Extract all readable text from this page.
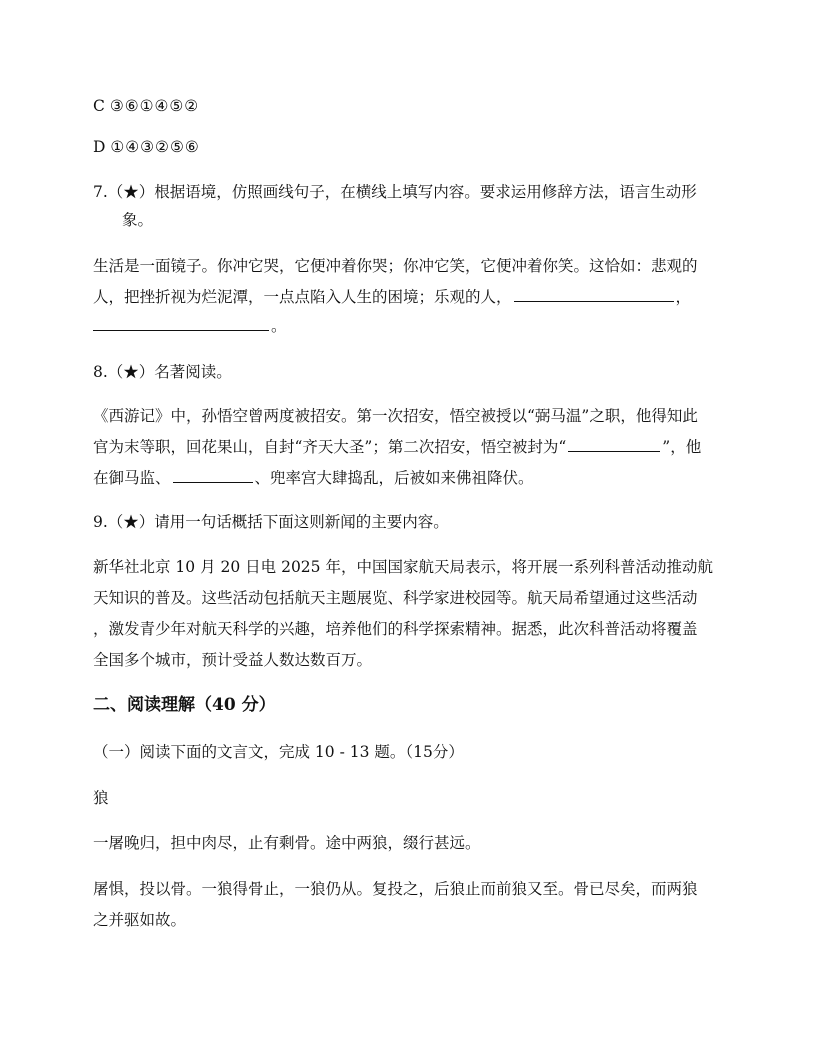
C ③⑥①④⑤②
D ①④③②⑤⑥
7.（★）根据语境，仿照画线句子，在横线上填写内容。要求运用修辞方法，语言生动形
象。
生活是一面镜子。你冲它哭，它便冲着你哭；你冲它笑，它便冲着你笑。这恰如：悲观的
人，把挫折视为烂泥潭，一点点陷入人生的困境；乐观的人，	，
。
8.（★）名著阅读。
《西游记》中，孙悟空曾两度被招安。第一次招安，悟空被授以“弼马温”之职，他得知此
官为末等职，回花果山，自封“齐天大圣”；第二次招安，悟空被封为“	”，他
在御马监、	、兜率宫大肆捣乱，后被如来佛祖降伏。
9.（★）请用一句话概括下面这则新闻的主要内容。
新华社北京 10 月 20 日电 2025 年，中国国家航天局表示，将开展一系列科普活动推动航
天知识的普及。这些活动包括航天主题展览、科学家进校园等。航天局希望通过这些活动
，激发青少年对航天科学的兴趣，培养他们的科学探索精神。据悉，此次科普活动将覆盖
全国多个城市，预计受益人数达数百万。
二、阅读理解（40 分）
（一）阅读下面的文言文，完成 10 - 13 题。（15分）
狼
一屠晚归，担中肉尽，止有剩骨。途中两狼，缀行甚远。
屠惧，投以骨。一狼得骨止，一狼仍从。复投之，后狼止而前狼又至。骨已尽矣，而两狼
之并驱如故。
